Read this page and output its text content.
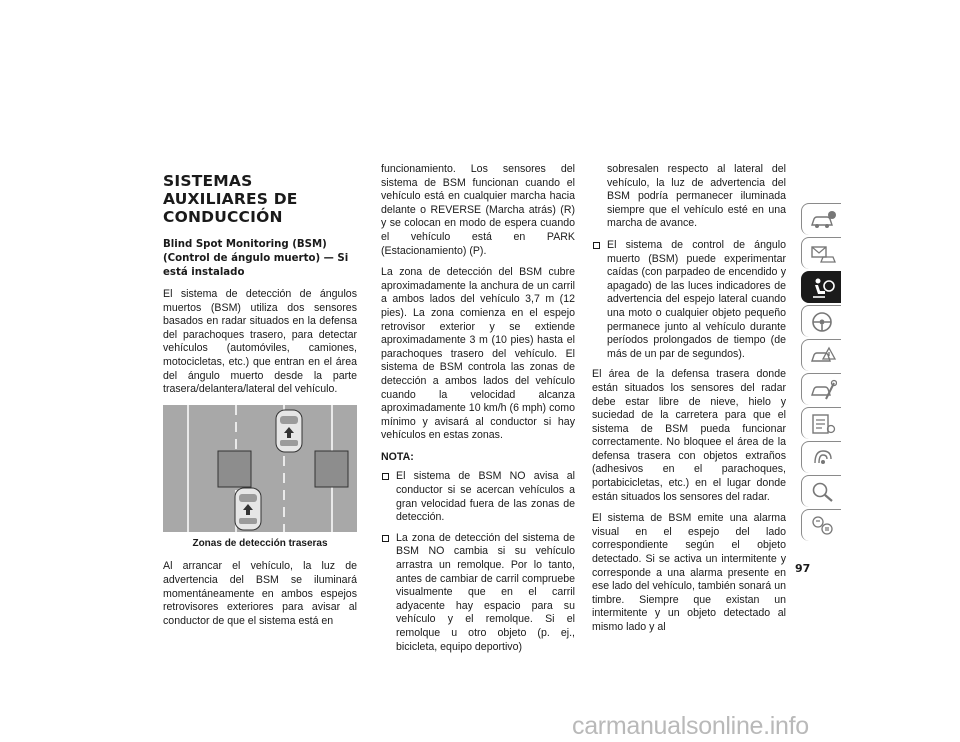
SISTEMAS AUXILIARES DE CONDUCCIÓN
Blind Spot Monitoring (BSM) (Control de ángulo muerto) — Si está instalado

El sistema de detección de ángulos muertos (BSM) utiliza dos sensores basados en radar situados en la defensa del parachoques trasero, para detectar vehículos (automóviles, camiones, motocicletas, etc.) que entran en el área del ángulo muerto desde la parte trasera/delantera/lateral del vehículo.

Zonas de detección traseras

Al arrancar el vehículo, la luz de advertencia del BSM se iluminará momentáneamente en ambos espejos retrovisores exteriores para avisar al conductor de que el sistema está en

funcionamiento. Los sensores del sistema de BSM funcionan cuando el vehículo está en cualquier marcha hacia delante o REVERSE (Marcha atrás) (R) y se colocan en modo de espera cuando el vehículo está en PARK (Estacionamiento) (P).

La zona de detección del BSM cubre aproximadamente la anchura de un carril a ambos lados del vehículo 3,7 m (12 pies). La zona comienza en el espejo retrovisor exterior y se extiende aproximadamente 3 m (10 pies) hasta el parachoques trasero del vehículo. El sistema de BSM controla las zonas de detección a ambos lados del vehículo cuando la velocidad alcanza aproximadamente 10 km/h (6 mph) como mínimo y avisará al conductor si hay vehículos en estas zonas.

NOTA:
El sistema de BSM NO avisa al conductor si se acercan vehículos a gran velocidad fuera de las zonas de detección.
La zona de detección del sistema de BSM NO cambia si su vehículo arrastra un remolque. Por lo tanto, antes de cambiar de carril compruebe visualmente que en el carril adyacente hay espacio para su vehículo y el remolque. Si el remolque u otro objeto (p. ej., bicicleta, equipo deportivo)
sobresalen respecto al lateral del vehículo, la luz de advertencia del BSM podría permanecer iluminada siempre que el vehículo esté en una marcha de avance.
El sistema de control de ángulo muerto (BSM) puede experimentar caídas (con parpadeo de encendido y apagado) de las luces indicadores de advertencia del espejo lateral cuando una moto o cualquier objeto pequeño permanece junto al vehículo durante períodos prolongados de tiempo (de más de un par de segundos).

El área de la defensa trasera donde están situados los sensores del radar debe estar libre de nieve, hielo y suciedad de la carretera para que el sistema de BSM pueda funcionar correctamente. No bloquee el área de la defensa trasera con objetos extraños (adhesivos en el parachoques, portabicicletas, etc.) en el lugar donde están situados los sensores del radar.

El sistema de BSM emite una alarma visual en el espejo del lado correspondiente según el objeto detectado. Si se activa un intermitente y corresponde a una alarma presente en ese lado del vehículo, también sonará un timbre. Siempre que existan un intermitente y un objeto detectado al mismo lado y al

97
carmanualsonline.info
